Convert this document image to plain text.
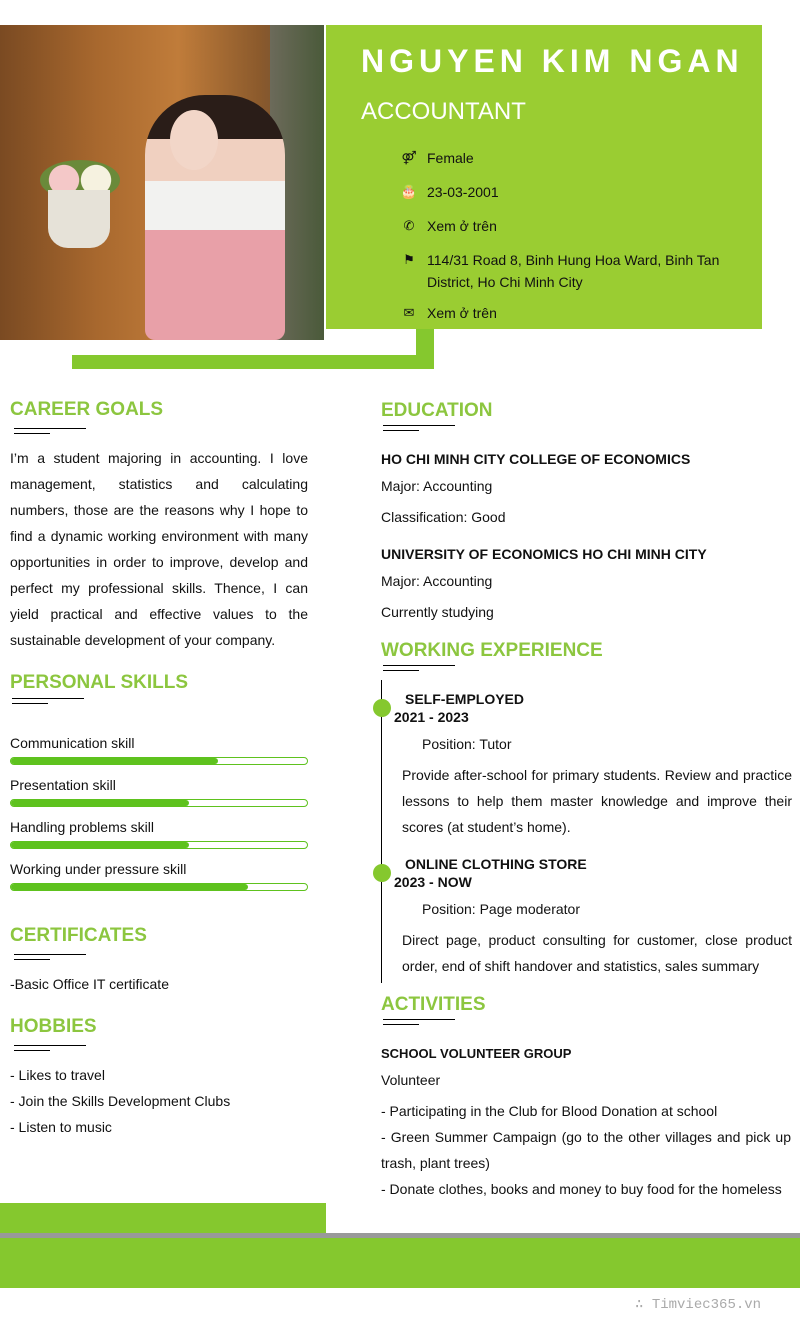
NGUYEN KIM NGAN
ACCOUNTANT
⚤ Female
🎂 23-03-2001
✆ Xem ở trên
⚑ 114/31 Road 8, Binh Hung Hoa Ward, Binh Tan District, Ho Chi Minh City
✉ Xem ở trên
CAREER GOALS
I’m a student majoring in accounting. I love management, statistics and calculating numbers, those are the reasons why I hope to find a dynamic working environment with many opportunities in order to improve, develop and perfect my professional skills. Thence, I can yield practical and effective values to the sustainable development of your company.
PERSONAL SKILLS
Communication skill
Presentation skill
Handling problems skill
Working under pressure skill
CERTIFICATES
-Basic Office IT certificate
HOBBIES
- Likes to travel
- Join the Skills Development Clubs
- Listen to music
EDUCATION
HO CHI MINH CITY COLLEGE OF ECONOMICS
Major: Accounting
Classification: Good
UNIVERSITY OF ECONOMICS HO CHI MINH CITY
Major: Accounting
Currently studying
WORKING EXPERIENCE
SELF-EMPLOYED
2021 - 2023
Position: Tutor
Provide after-school for primary students. Review and practice lessons to help them master knowledge and improve their scores (at student’s home).
ONLINE CLOTHING STORE
2023 - NOW
Position: Page moderator
Direct page, product consulting for customer, close product order, end of shift handover and statistics, sales summary
ACTIVITIES
SCHOOL VOLUNTEER GROUP
Volunteer
- Participating in the Club for Blood Donation at school
- Green Summer Campaign (go to the other villages and pick up trash, plant trees)
- Donate clothes, books and money to buy food for the homeless
∴ Timviec365.vn
